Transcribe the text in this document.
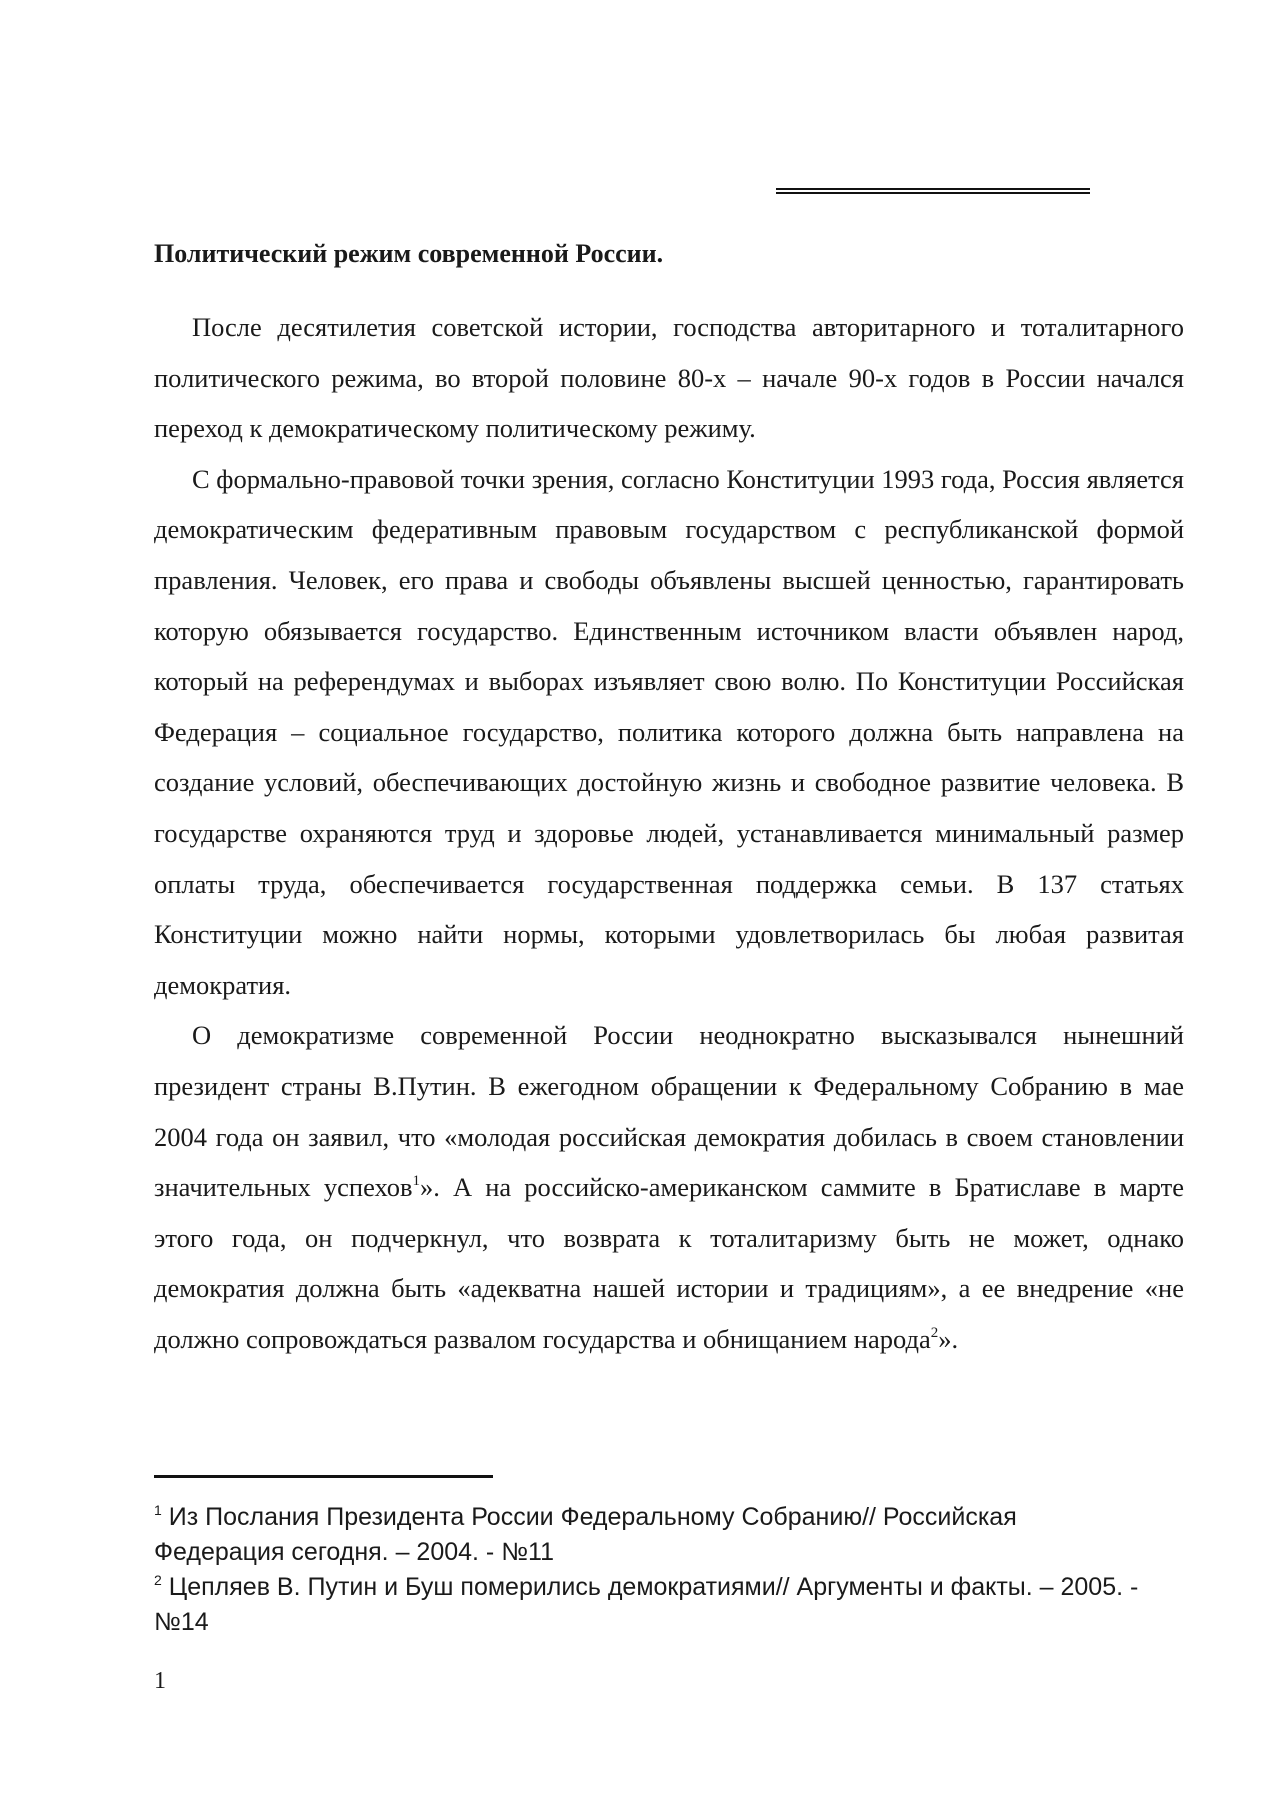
Политический режим современной России.

После десятилетия советской истории, господства авторитарного и тоталитарного политического режима, во второй половине 80-х – начале 90-х годов в России начался переход к демократическому политическому режиму.

С формально-правовой точки зрения, согласно Конституции 1993 года, Россия является демократическим федеративным правовым государством с республиканской формой правления. Человек, его права и свободы объявлены высшей ценностью, гарантировать которую обязывается государство. Единственным источником власти объявлен народ, который на референдумах и выборах изъявляет свою волю. По Конституции Российская Федерация – социальное государство, политика которого должна быть направлена на создание условий, обеспечивающих достойную жизнь и свободное развитие человека. В государстве охраняются труд и здоровье людей, устанавливается минимальный размер оплаты труда, обеспечивается государственная поддержка семьи. В 137 статьях Конституции можно найти нормы, которыми удовлетворилась бы любая развитая демократия.

О демократизме современной России неоднократно высказывался нынешний президент страны В.Путин. В ежегодном обращении к Федеральному Собранию в мае 2004 года он заявил, что «молодая российская демократия добилась в своем становлении значительных успехов$^1$». А на российско-американском саммите в Братиславе в марте этого года, он подчеркнул, что возврата к тоталитаризму быть не может, однако демократия должна быть «адекватна нашей истории и традициям», а ее внедрение «не должно сопровождаться развалом государства и обнищанием народа$^2$».

$^1$ Из Послания Президента России Федеральному Собранию// Российская Федерация сегодня. – 2004. - №11

$^2$ Цепляев В. Путин и Буш померились демократиями// Аргументы и факты. – 2005. - №14

1
